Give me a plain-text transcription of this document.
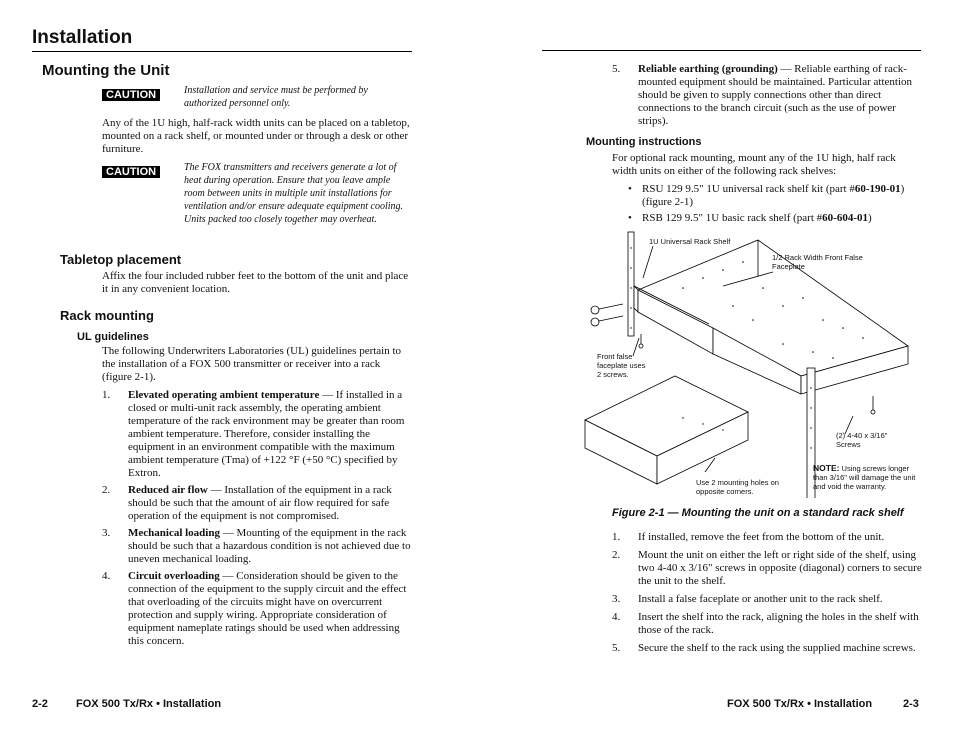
Installation
Mounting the Unit
CAUTION	Installation and service must be performed by authorized personnel only.
Any of the 1U high, half-rack width units can be placed on a tabletop, mounted on a rack shelf, or mounted under or through a desk or other furniture.
CAUTION	The FOX transmitters and receivers generate a lot of heat during operation. Ensure that you leave ample room between units in multiple unit installations for ventilation and/or ensure adequate equipment cooling. Units packed too closely together may overheat.
Tabletop placement
Affix the four included rubber feet to the bottom of the unit and place it in any convenient location.
Rack mounting
UL guidelines
The following Underwriters Laboratories (UL) guidelines pertain to the installation of a FOX 500 transmitter or receiver into a rack (figure 2-1).
1.	Elevated operating ambient temperature — If installed in a closed or multi-unit rack assembly, the operating ambient temperature of the rack environment may be greater than room ambient temperature. Therefore, consider installing the equipment in an environment compatible with the maximum ambient temperature (Tma) of +122 °F (+50 °C) specified by Extron.
2.	Reduced air flow — Installation of the equipment in a rack should be such that the amount of air flow required for safe operation of the equipment is not compromised.
3.	Mechanical loading — Mounting of the equipment in the rack should be such that a hazardous condition is not achieved due to uneven mechanical loading.
4.	Circuit overloading — Consideration should be given to the connection of the equipment to the supply circuit and the effect that overloading of the circuits might have on overcurrent protection and supply wiring. Appropriate consideration of equipment nameplate ratings should be used when addressing this concern.
2-2	FOX 500 Tx/Rx • Installation
5.	Reliable earthing (grounding) — Reliable earthing of rack-mounted equipment should be maintained. Particular attention should be given to supply connections other than direct connections to the branch circuit (such as the use of power strips).
Mounting instructions
For optional rack mounting, mount any of the 1U high, half rack width units on either of the following rack shelves:
• RSU 129 9.5" 1U universal rack shelf kit (part #60-190-01) (figure 2-1)
• RSB 129 9.5" 1U basic rack shelf (part #60-604-01)
1U Universal Rack Shelf
1/2 Rack Width Front False Faceplate
Front false faceplate uses 2 screws.
(2) 4-40 x 3/16" Screws
Use 2 mounting holes on opposite corners.
NOTE: Using screws longer than 3/16" will damage the unit and void the warranty.
Figure 2-1 — Mounting the unit on a standard rack shelf
1.	If installed, remove the feet from the bottom of the unit.
2.	Mount the unit on either the left or right side of the shelf, using two 4-40 x 3/16" screws in opposite (diagonal) corners to secure the unit to the shelf.
3.	Install a false faceplate or another unit to the rack shelf.
4.	Insert the shelf into the rack, aligning the holes in the shelf with those of the rack.
5.	Secure the shelf to the rack using the supplied machine screws.
FOX 500 Tx/Rx • Installation	2-3
